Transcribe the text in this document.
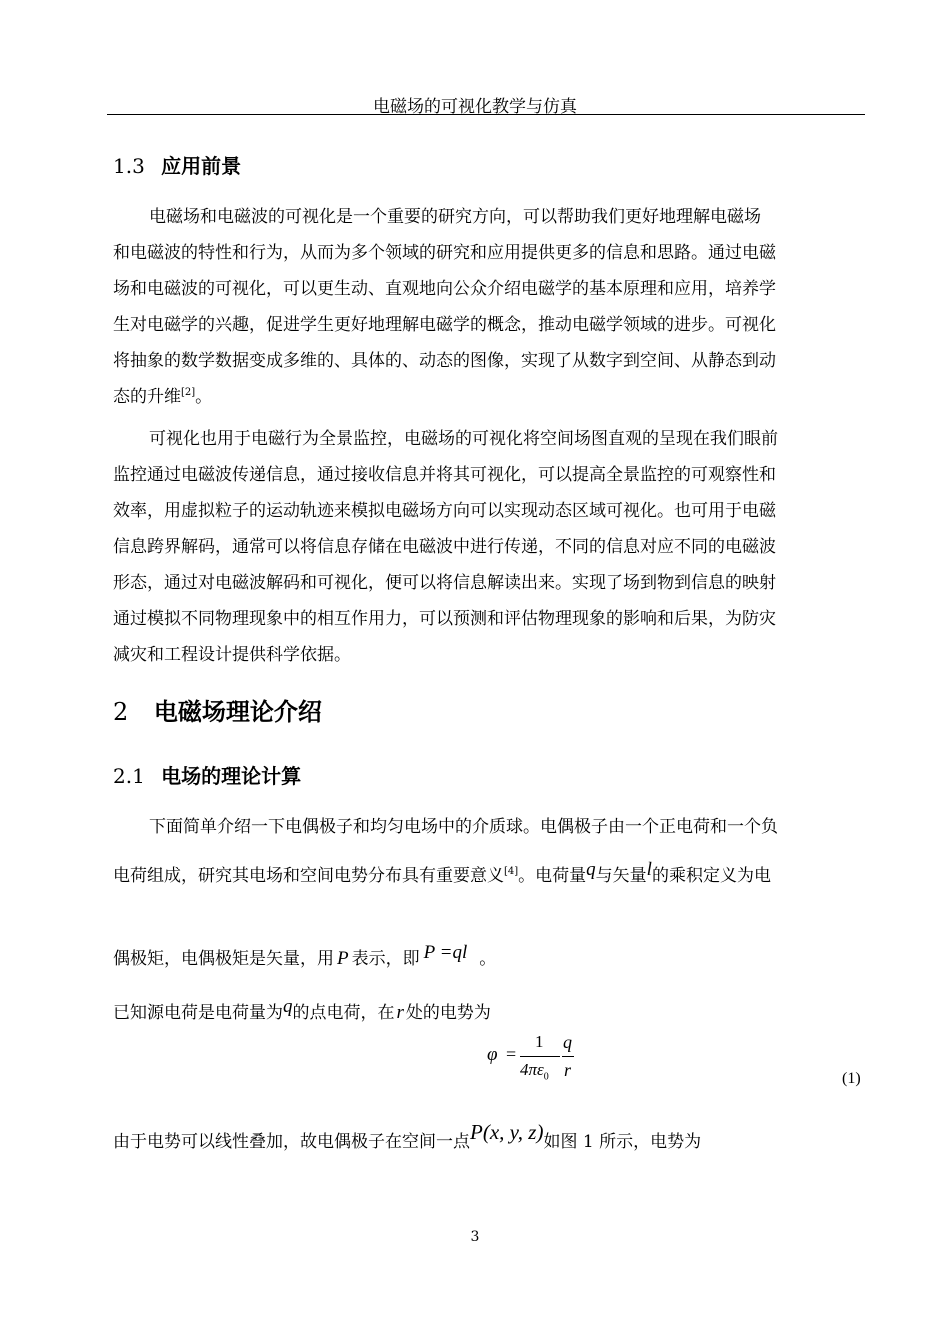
电磁场的可视化教学与仿真
1.3 应用前景
电磁场和电磁波的可视化是一个重要的研究方向，可以帮助我们更好地理解电磁场
和电磁波的特性和行为，从而为多个领域的研究和应用提供更多的信息和思路。通过电磁
场和电磁波的可视化，可以更生动、直观地向公众介绍电磁学的基本原理和应用，培养学
生对电磁学的兴趣，促进学生更好地理解电磁学的概念，推动电磁学领域的进步。可视化
将抽象的数学数据变成多维的、具体的、动态的图像，实现了从数字到空间、从静态到动
态的升维[2]。
可视化也用于电磁行为全景监控，电磁场的可视化将空间场图直观的呈现在我们眼前
监控通过电磁波传递信息，通过接收信息并将其可视化，可以提高全景监控的可观察性和
效率，用虚拟粒子的运动轨迹来模拟电磁场方向可以实现动态区域可视化。也可用于电磁
信息跨界解码，通常可以将信息存储在电磁波中进行传递，不同的信息对应不同的电磁波
形态，通过对电磁波解码和可视化，便可以将信息解读出来。实现了场到物到信息的映射
通过模拟不同物理现象中的相互作用力，可以预测和评估物理现象的影响和后果，为防灾
减灾和工程设计提供科学依据。
2 电磁场理论介绍
2.1 电场的理论计算
下面简单介绍一下电偶极子和均匀电场中的介质球。电偶极子由一个正电荷和一个负
电荷组成，研究其电场和空间电势分布具有重要意义[4]。电荷量q与矢量l的乘积定义为电
偶极矩，电偶极矩是矢量，用 P 表示，即 P =ql 。
已知源电荷是电荷量为q的点电荷，在 r 处的电势为
φ =
1
$4\pi\varepsilon_0$
q
r	(1)
由于电势可以线性叠加，故电偶极子在空间一点P(x, y, z)如图 1 所示，电势为
3
